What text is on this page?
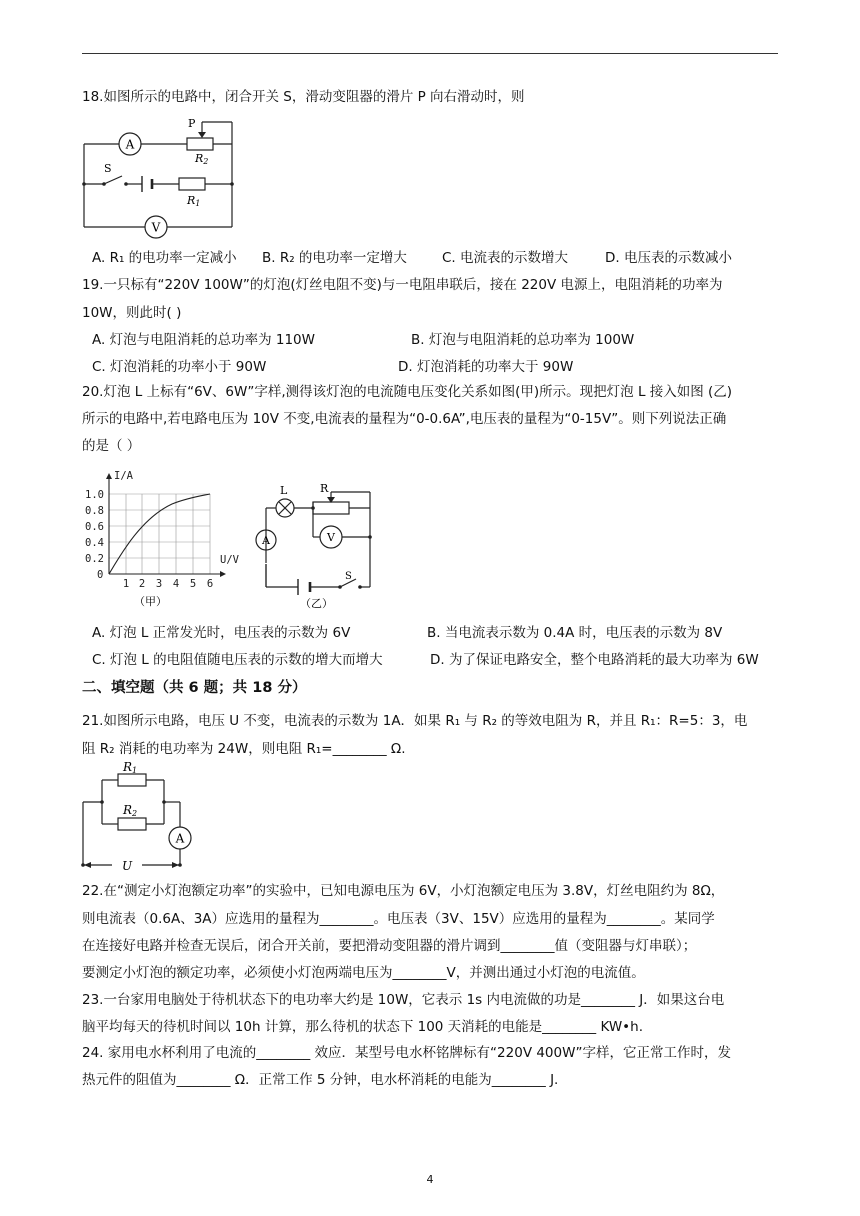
18.如图所示的电路中，闭合开关 S，滑动变阻器的滑片 P 向右滑动时，则
A
V
S
P
R2
R1
A. R₁ 的电功率一定减小 B. R₂ 的电功率一定增大	C. 电流表的示数增大	D. 电压表的示数减小
19.一只标有“220V 100W”的灯泡(灯丝电阻不变)与一电阻串联后，接在 220V 电源上，电阻消耗的功率为
10W，则此时( )
A. 灯泡与电阻消耗的总功率为 110W	B. 灯泡与电阻消耗的总功率为 100W
C. 灯泡消耗的功率小于 90W	D. 灯泡消耗的功率大于 90W
20.灯泡 L 上标有“6V、6W”字样,测得该灯泡的电流随电压变化关系如图(甲)所示。现把灯泡 L 接入如图 (乙)
所示的电路中,若电路电压为 10V 不变,电流表的量程为“0-0.6A”,电压表的量程为“0-15V”。则下列说法正确
的是（ ）
I/A
U/V
1.0
0.8
0.6
0.4
0.2
0
1 2 3 4 5 6
（甲）
L	R
A	V
S
（乙）
A. 灯泡 L 正常发光时，电压表的示数为 6V	B. 当电流表示数为 0.4A 时，电压表的示数为 8V
C. 灯泡 L 的电阻值随电压表的示数的增大而增大	D. 为了保证电路安全，整个电路消耗的最大功率为 6W
二、填空题（共 6 题；共 18 分）
21.如图所示电路，电压 U 不变，电流表的示数为 1A．如果 R₁ 与 R₂ 的等效电阻为 R，并且 R₁：R=5：3，电
阻 R₂ 消耗的电功率为 24W，则电阻 R₁=________ Ω.
R1
R2
A
U
22.在“测定小灯泡额定功率”的实验中，已知电源电压为 6V，小灯泡额定电压为 3.8V，灯丝电阻约为 8Ω，
则电流表（0.6A、3A）应选用的量程为________。电压表（3V、15V）应选用的量程为________。某同学
在连接好电路并检查无误后，闭合开关前，要把滑动变阻器的滑片调到________值（变阻器与灯串联）；
要测定小灯泡的额定功率，必须使小灯泡两端电压为________V，并测出通过小灯泡的电流值。
23.一台家用电脑处于待机状态下的电功率大约是 10W，它表示 1s 内电流做的功是________ J．如果这台电
脑平均每天的待机时间以 10h 计算，那么待机的状态下 100 天消耗的电能是________ KW•h.
24. 家用电水杯利用了电流的________ 效应．某型号电水杯铭牌标有“220V 400W”字样，它正常工作时，发
热元件的阻值为________ Ω．正常工作 5 分钟，电水杯消耗的电能为________ J.
4
